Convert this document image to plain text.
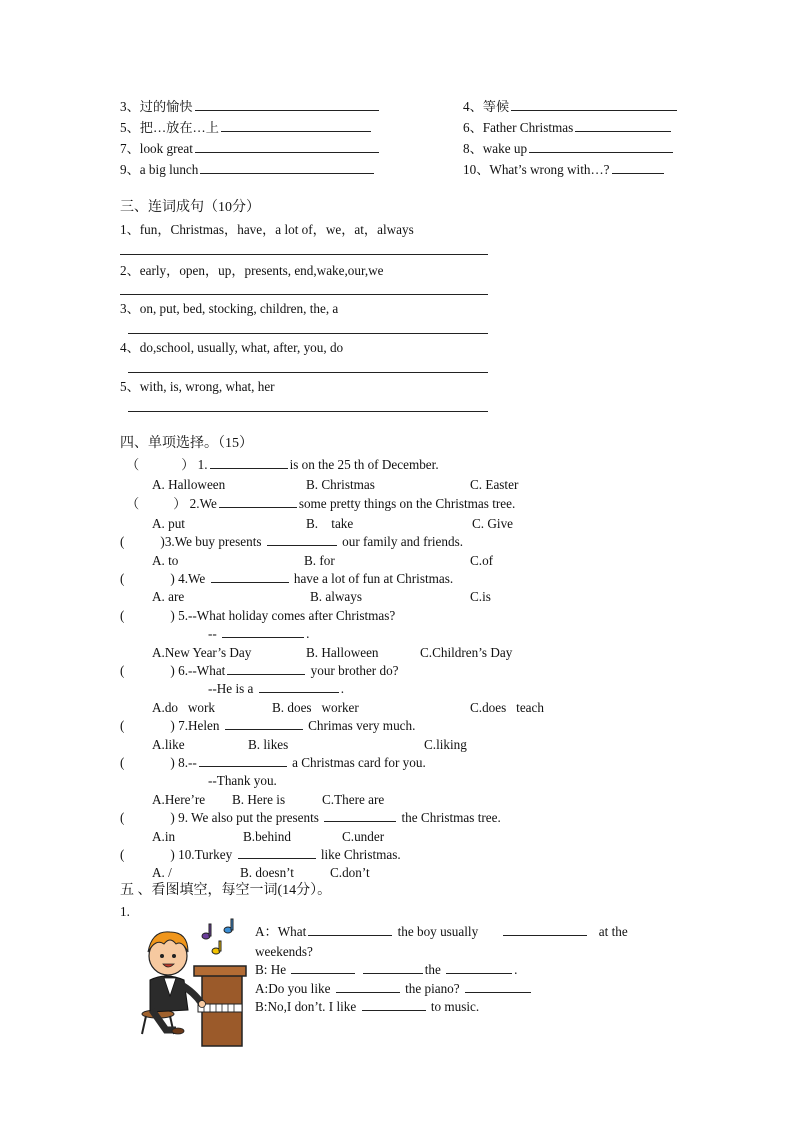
3、过的愉快	4、等候
5、把…放在…上	6、Father Christmas
7、look great	8、wake up
9、a big lunch	10、What’s wrong with…?
三、连词成句（10分）
1、fun，Christmas，have，a lot of，we，at，always
2、early，open，up，presents, end,wake,our,we
3、on, put, bed, stocking, children, the, a
4、do,school, usually, what, after, you, do
5、with, is, wrong, what, her
四、单项选择。（15）
（	） 1.	is on the 25 th of December.
A. Halloween	B. Christmas	C. Easter
（	） 2.We	some pretty things on the Christmas tree.
A. put	B.    take	C. Give
(	)3.We buy presents	our family and friends.
A. to	B. for	C.of
(	) 4.We	have a lot of fun at Christmas.
A. are	B. always	C.is
(	) 5.--What holiday comes after Christmas?
--	.
A.New Year’s Day	B. Halloween	C.Children’s Day
(	) 6.--What	your brother do?
--He is a	.
A.do   work	B. does   worker	C.does   teach
(	) 7.Helen	Chrimas very much.
A.like	B. likes	C.liking
(	) 8.--	a Christmas card for you.
--Thank you.
A.Here’re B. Here is	C.There are
(	) 9. We also put the presents	the Christmas tree.
A.in	B.behind	C.under
(	) 10.Turkey	like Christmas.
A. /	B. doesn’t	C.don’t
五 、看图填空，每空一词(14分）。
1.
A：What	the boy usually	at the
weekends?
B: He	the	.
A:Do you like	the piano?
B:No,I don’t. I like	to music.
